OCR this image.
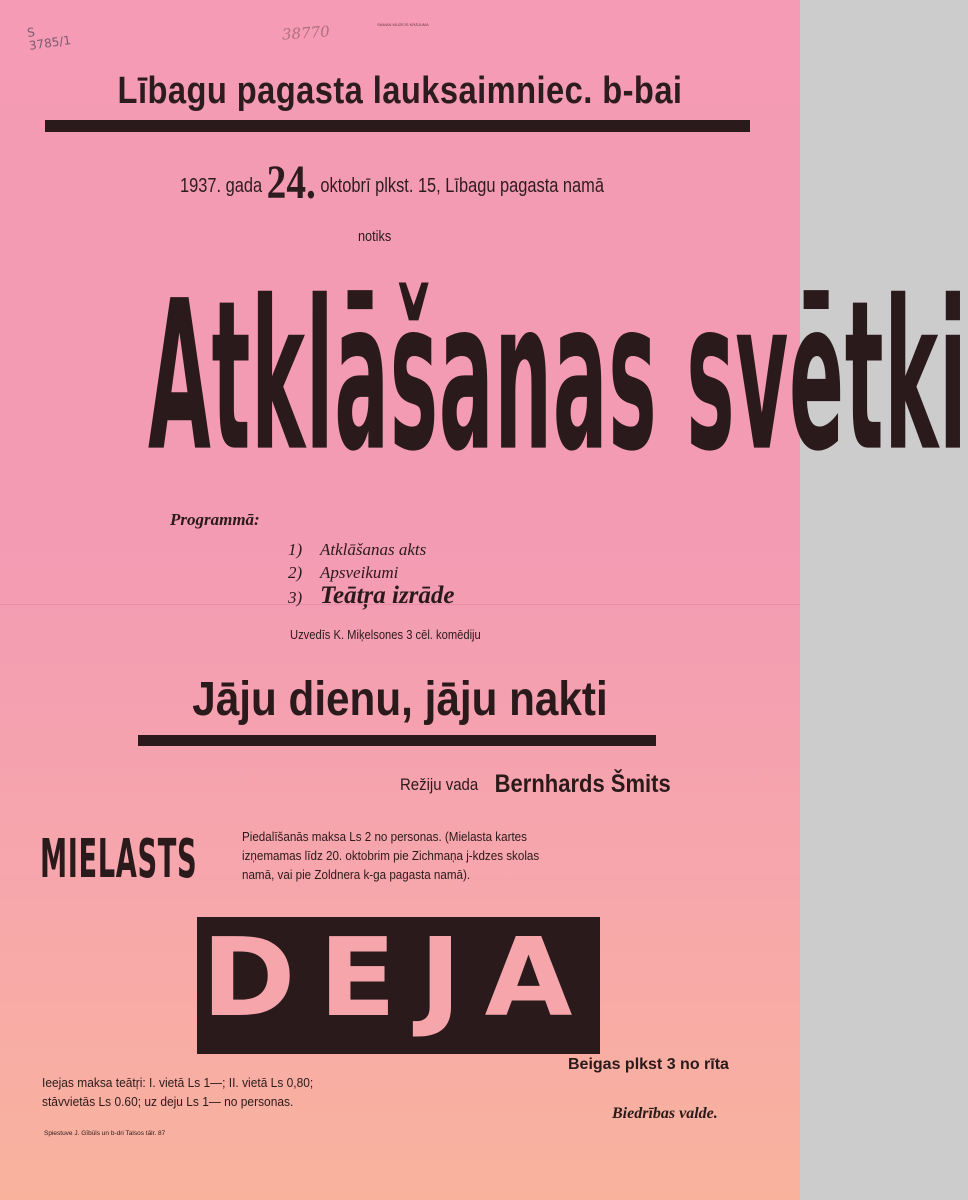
SAMAN MUZEJS KRĀJUMA
S
3785/1	38770
Lībagu pagasta lauksaimniec. b-bai
1937. gada 24. oktobrī plkst. 15, Lībagu pagasta namā
notiks
Atklāšanas svētki
Programmā:
1) Atklāšanas akts
2) Apsveikumi
3) Teātŗa izrāde
Uzvedīs K. Miķelsones 3 cēl. komēdiju
Jāju dienu, jāju nakti
Režiju vada Bernhards Šmits
MIELASTS	Piedalīšanās maksa Ls 2 no personas. (Mielasta kartes izņemamas līdz 20. oktobrim pie Zichmaņa j-kdzes skolas namā, vai pie Zoldnera k-ga pagasta namā).
DEJA
Beigas plkst 3 no rīta
Ieejas maksa teātŗi: I. vietā Ls 1—; II. vietā Ls 0,80; stāvvietās Ls 0.60; uz deju Ls 1— no personas.
Biedrības valde.
Spiestuve J. Gībūls un b-dri Talsos tālr. 87
